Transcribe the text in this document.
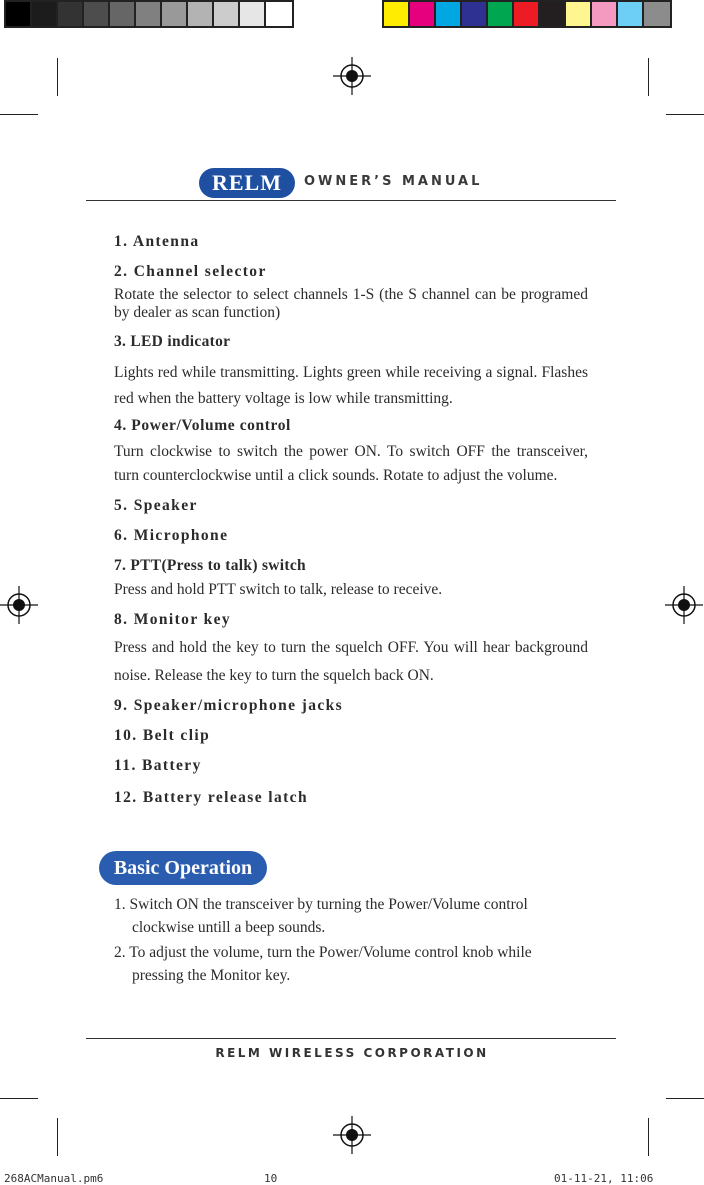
RELM OWNER’S MANUAL

1. Antenna

2. Channel selector

Rotate the selector to select channels 1-S (the S channel can be programed by dealer as scan function)

3. LED indicator

Lights red while transmitting. Lights green while receiving a signal. Flashes red when the battery voltage is low while transmitting.

4. Power/Volume control

Turn clockwise to switch the power ON. To switch OFF the transceiver, turn counterclockwise until a click sounds. Rotate to adjust the volume.

5. Speaker

6. Microphone

7. PTT(Press to talk) switch

Press and hold PTT switch to talk, release to receive.

8. Monitor key

Press and hold the key to turn the squelch OFF. You will hear background noise. Release the key to turn the squelch back ON.

9. Speaker/microphone jacks

10. Belt clip

11. Battery

12. Battery release latch

Basic Operation
1. Switch ON the transceiver by turning the Power/Volume control
clockwise untill a beep sounds.
2. To adjust the volume, turn the Power/Volume control knob while
pressing the Monitor key.
RELM WIRELESS CORPORATION
268ACManual.pm6	10	01-11-21, 11:06
